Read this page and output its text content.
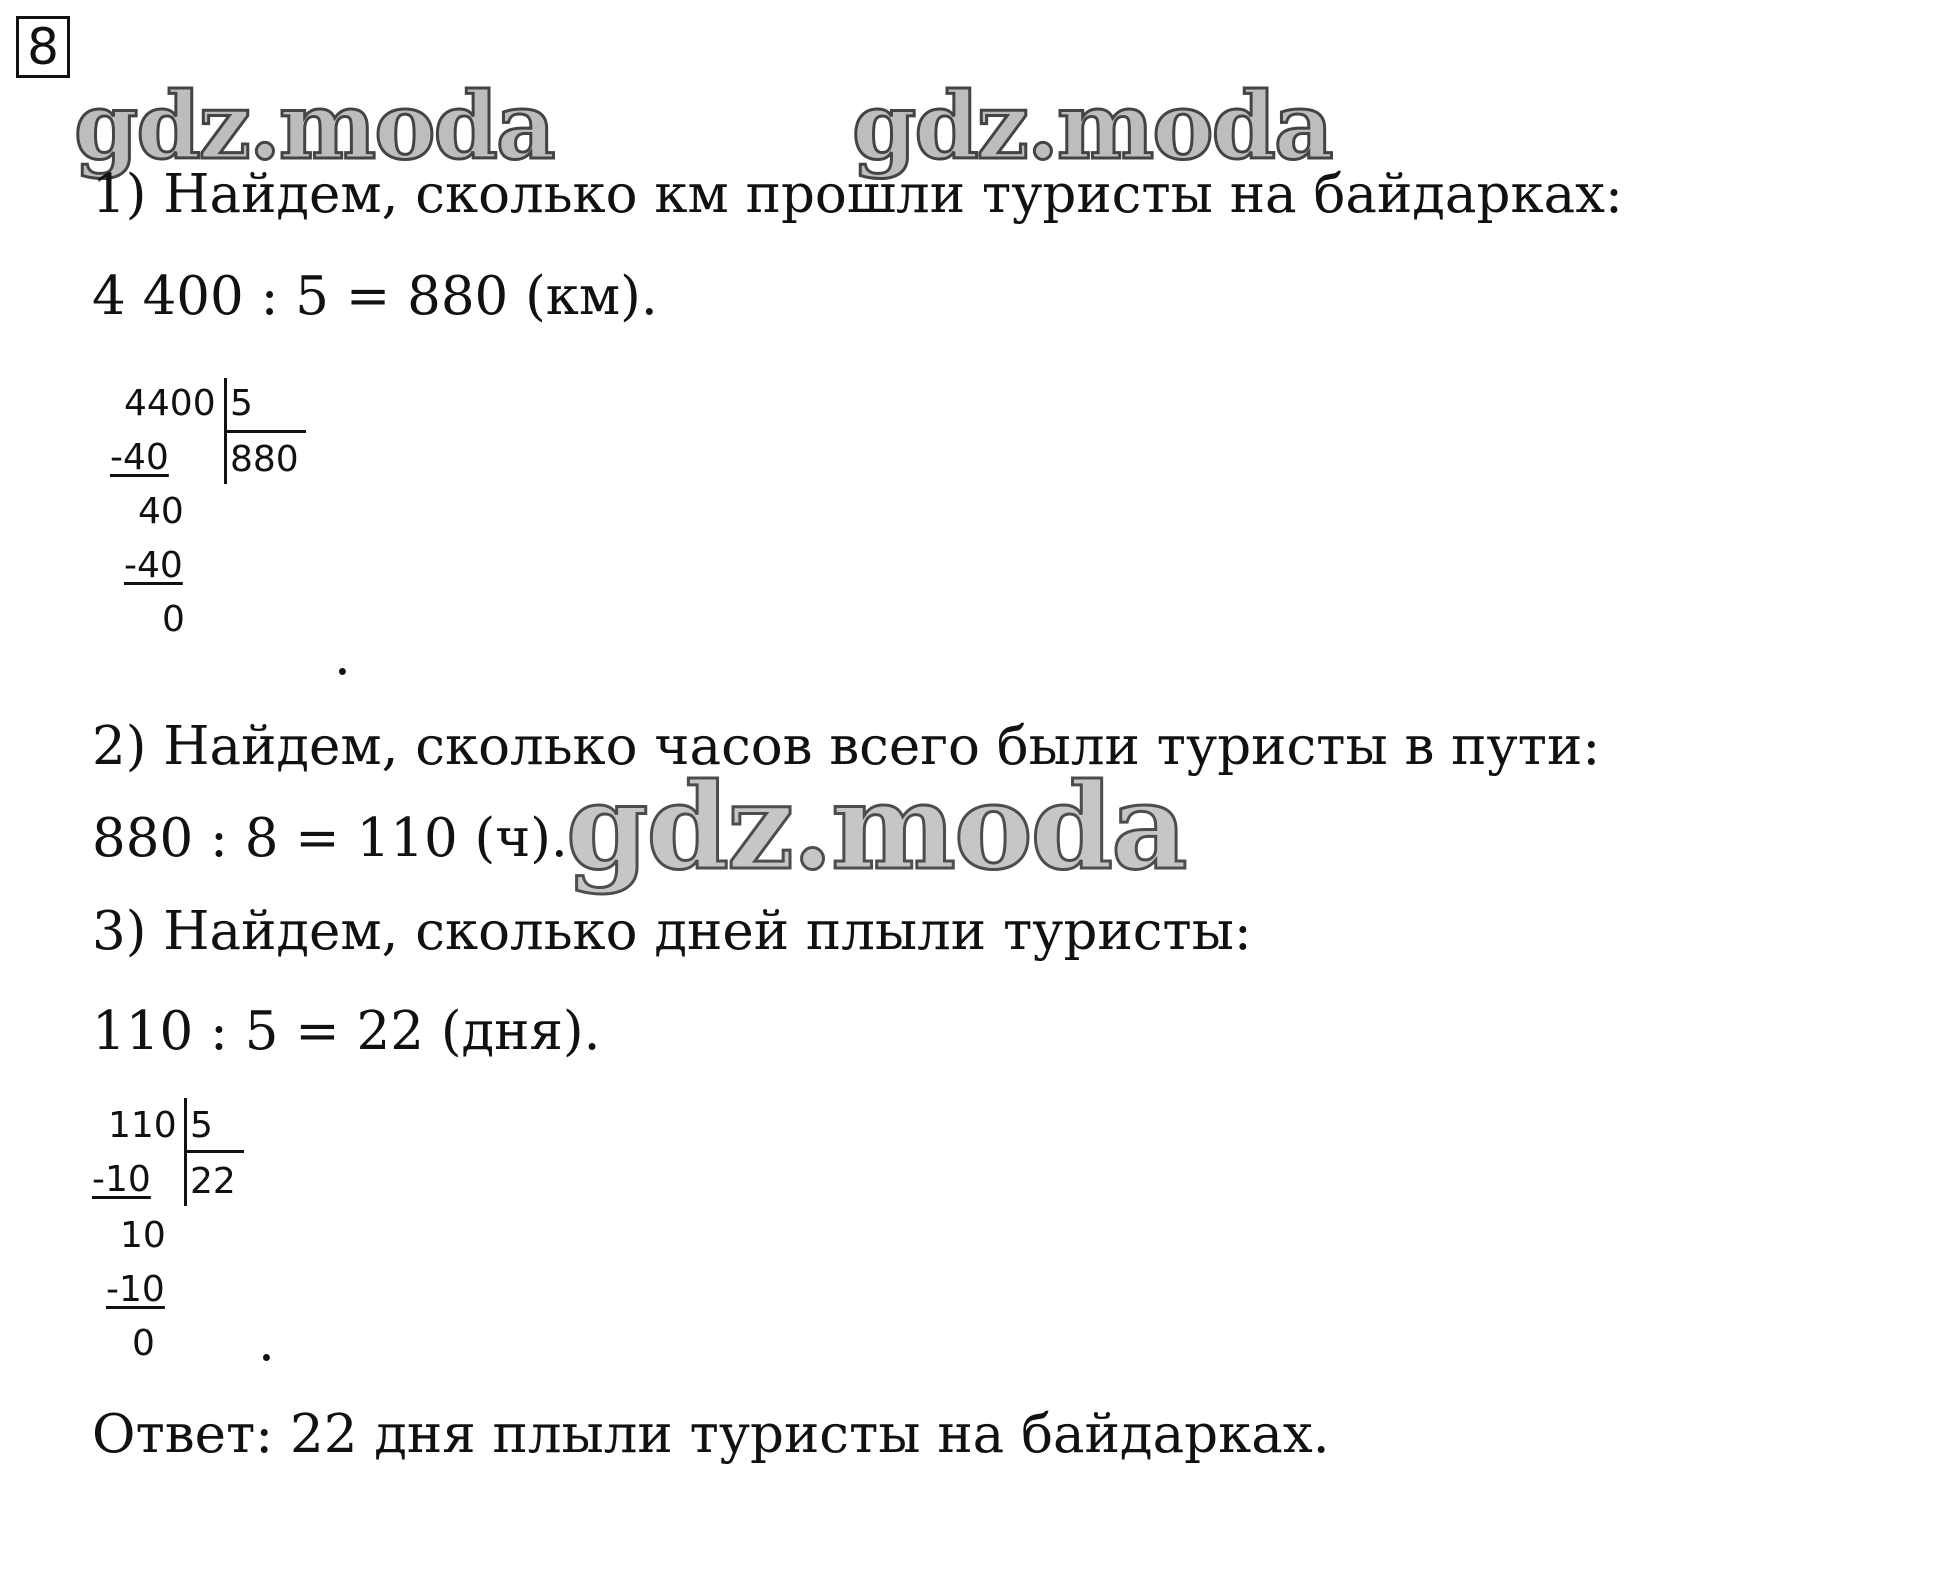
8
gdz.moda	gdz.moda
1) Найдем, сколько км прошли туристы на байдарках:
4 400 : 5 = 880 (км).
4400 5
-40 880
40
-40
0
.
2) Найдем, сколько часов всего были туристы в пути:
880 : 8 = 110 (ч).
gdz.moda
3) Найдем, сколько дней плыли туристы:
110 : 5 = 22 (дня).
110 5
-10 22
10
-10
0 .
Ответ: 22 дня плыли туристы на байдарках.
